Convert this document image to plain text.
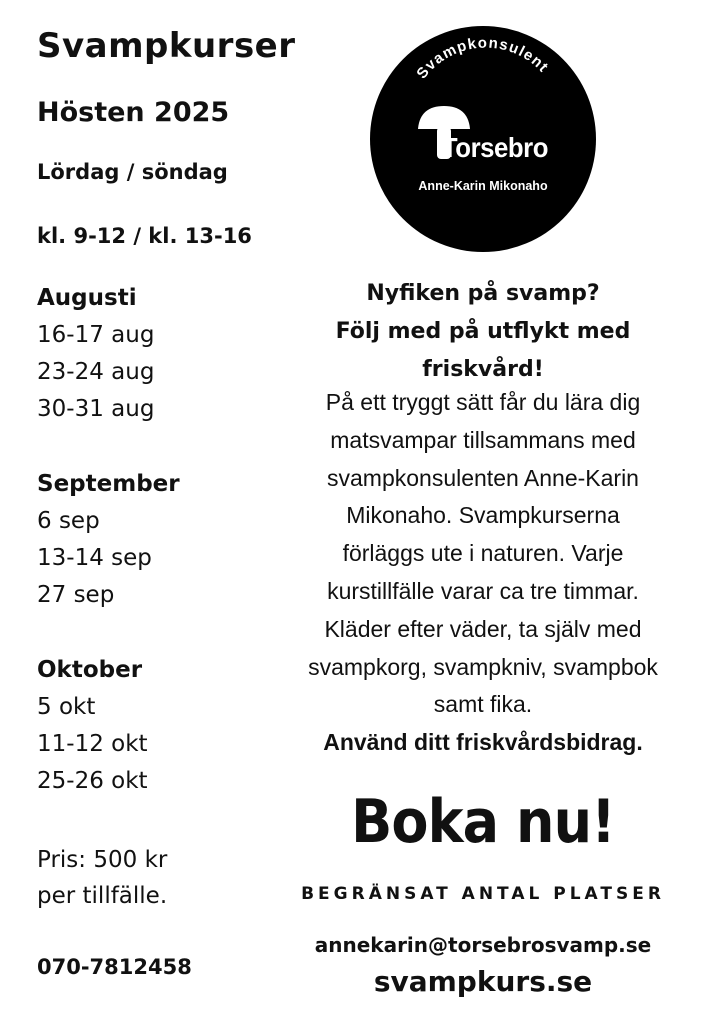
Svampkurser
Hösten 2025
Lördag / söndag
kl. 9-12 / kl. 13-16
Augusti
16-17 aug
23-24 aug
30-31 aug
September
6 sep
13-14 sep
27 sep
Oktober
5 okt
11-12 okt
25-26 okt
Pris: 500 kr
per tillfälle.
070-7812458
Svampkonsulent
Torsebro
Anne-Karin Mikonaho
Nyfiken på svamp?
Följ med på utflykt med
friskvård!
På ett tryggt sätt får du lära dig
matsvampar tillsammans med
svampkonsulenten Anne-Karin
Mikonaho. Svampkurserna
förläggs ute i naturen. Varje
kurstillfälle varar ca tre timmar.
Kläder efter väder, ta själv med
svampkorg, svampkniv, svampbok
samt fika.
Använd ditt friskvårdsbidrag.
Boka nu!
BEGRÄNSAT ANTAL PLATSER
annekarin@torsebrosvamp.se
svampkurs.se
